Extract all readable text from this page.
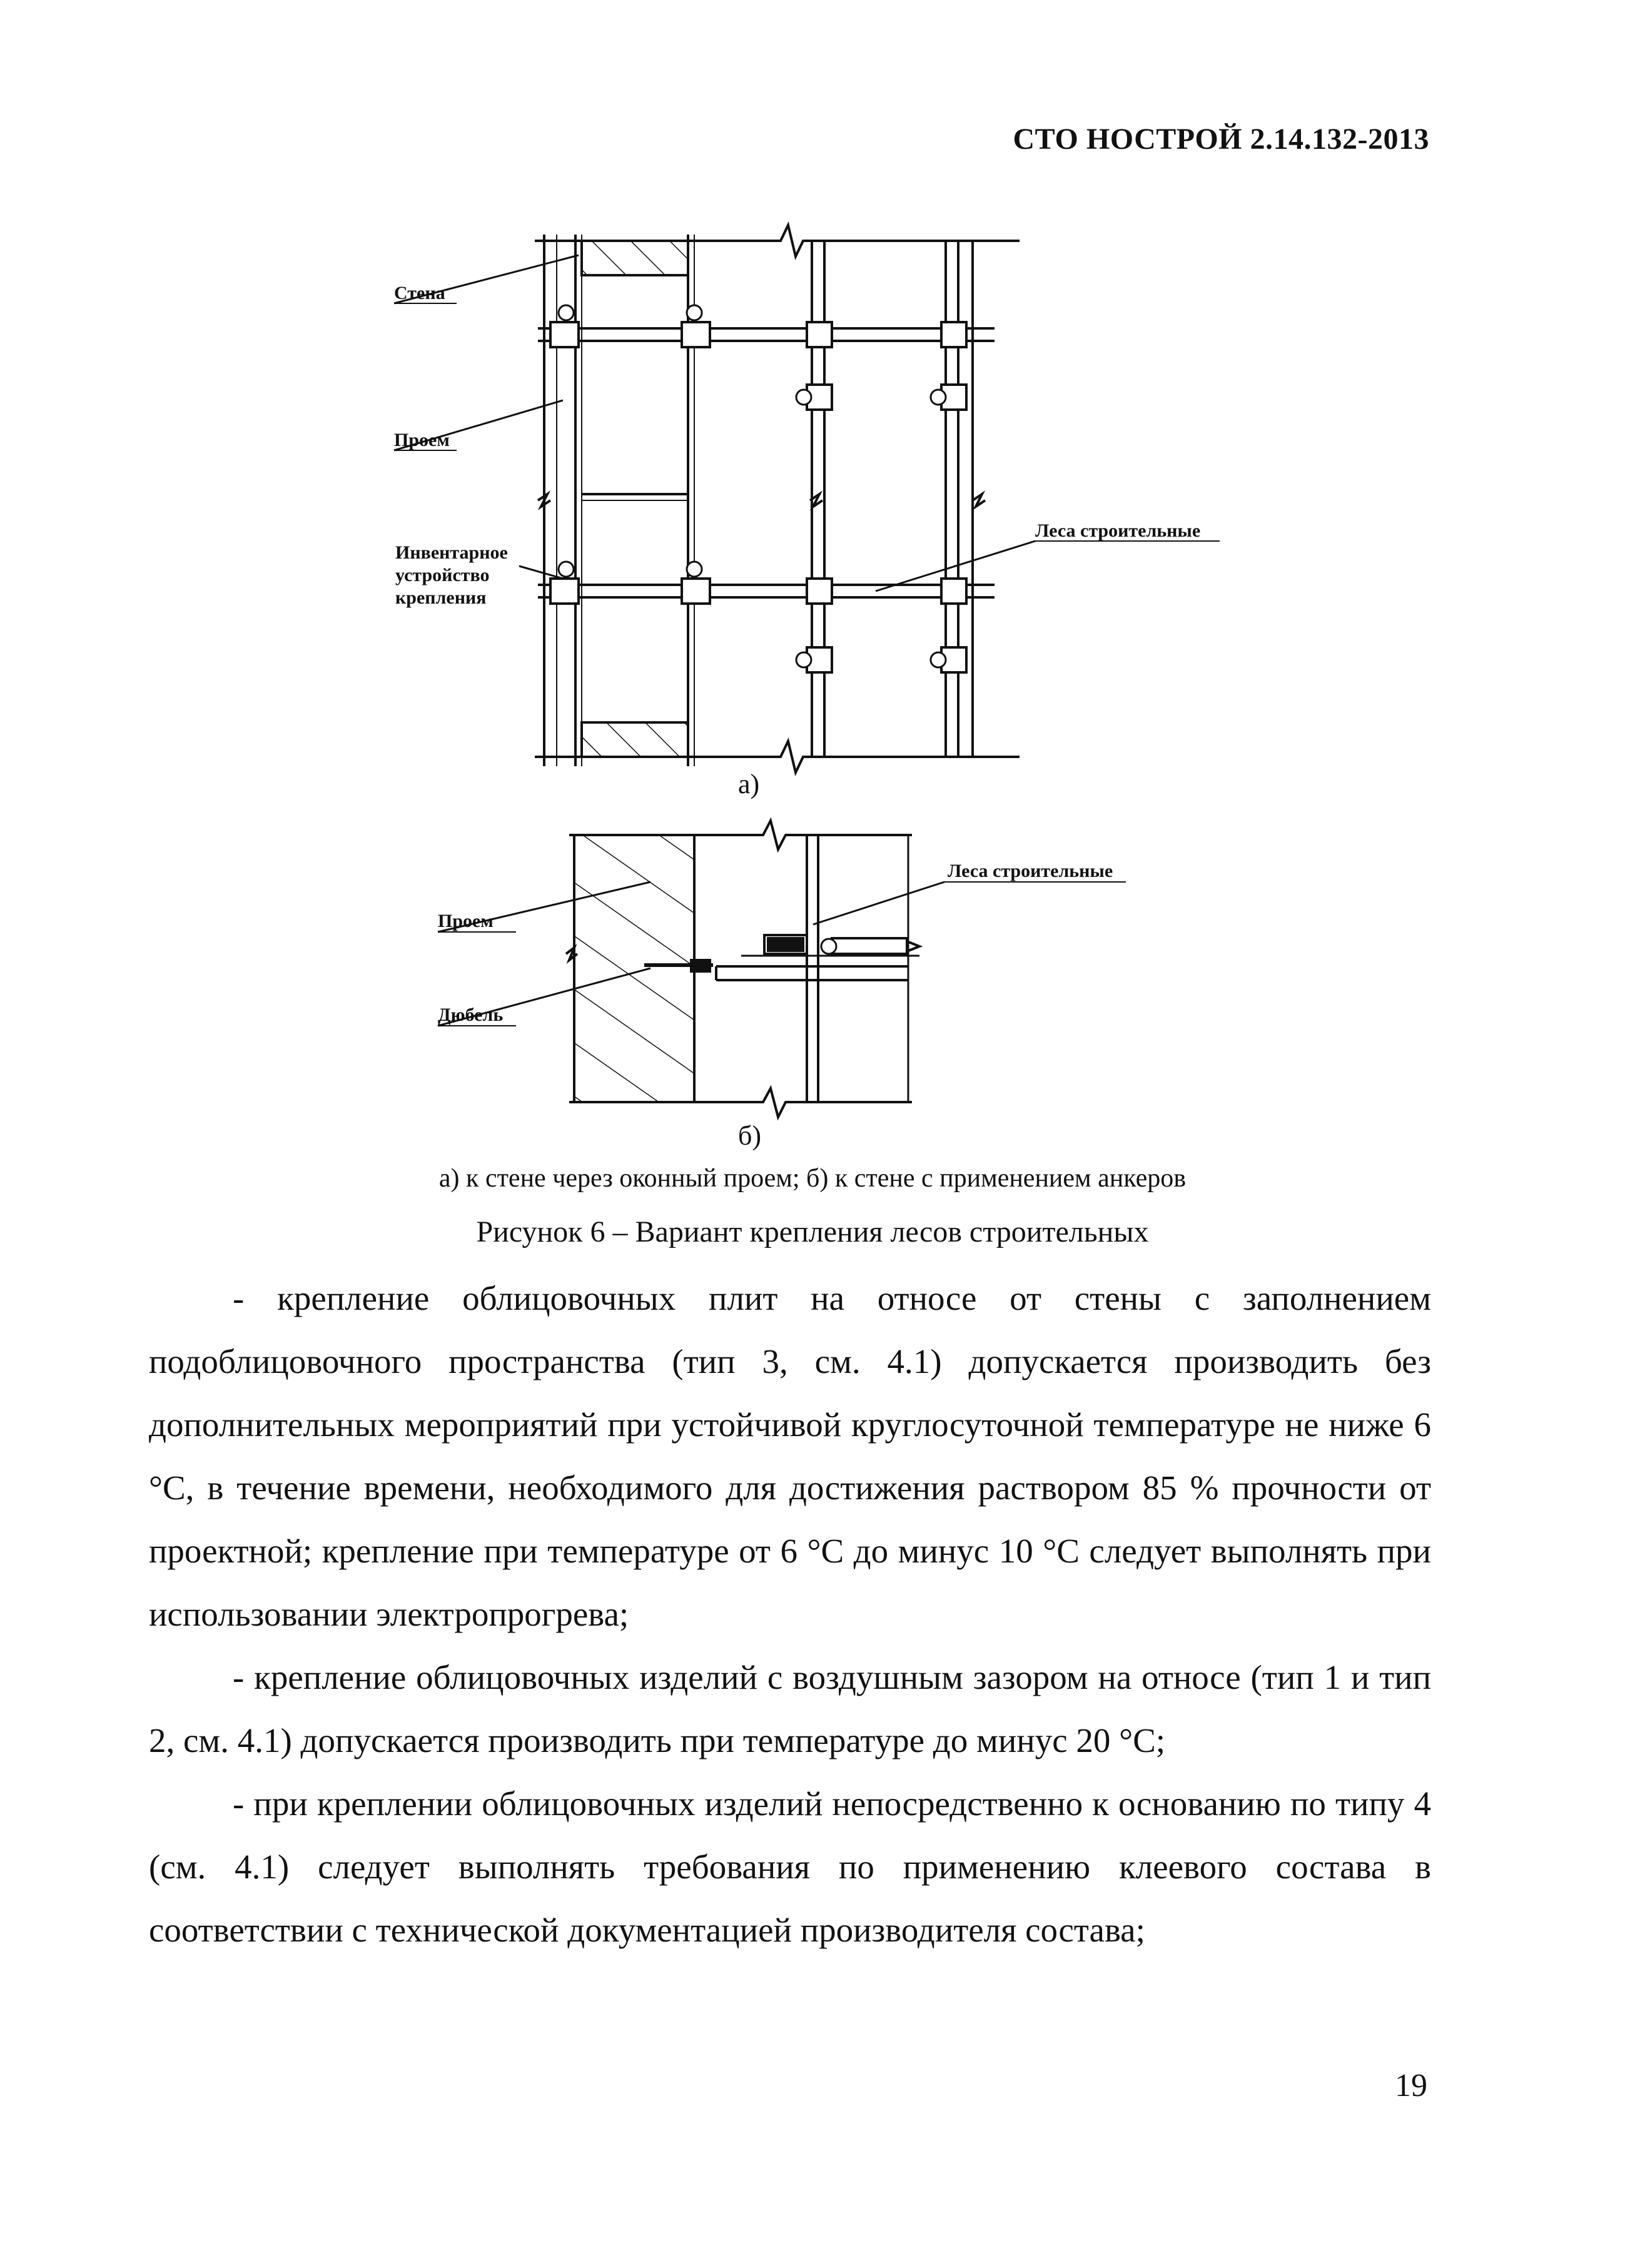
СТО НОСТРОЙ 2.14.132-2013
Стена
Проем
Инвентарное
устройство
крепления
Леса строительные
Проем
Дюбель
Леса строительные
а)
б)
а) к стене через оконный проем; б) к стене с применением анкеров
Рисунок 6 – Вариант крепления лесов строительных

- крепление облицовочных плит на относе от стены с заполнением подоблицовочного пространства (тип 3, см. 4.1) допускается производить без дополнительных мероприятий при устойчивой круглосуточной температуре не ниже 6 °С, в течение времени, необходимого для достижения раствором 85 % прочности от проектной; крепление при температуре от 6 °С до минус 10 °С следует выполнять при использовании электропрогрева;

- крепление облицовочных изделий с воздушным зазором на относе (тип 1 и тип 2, см. 4.1) допускается производить при температуре до минус 20 °С;

- при креплении облицовочных изделий непосредственно к основанию по типу 4 (см. 4.1) следует выполнять требования по применению клеевого состава в соответствии с технической документацией производителя состава;

19
